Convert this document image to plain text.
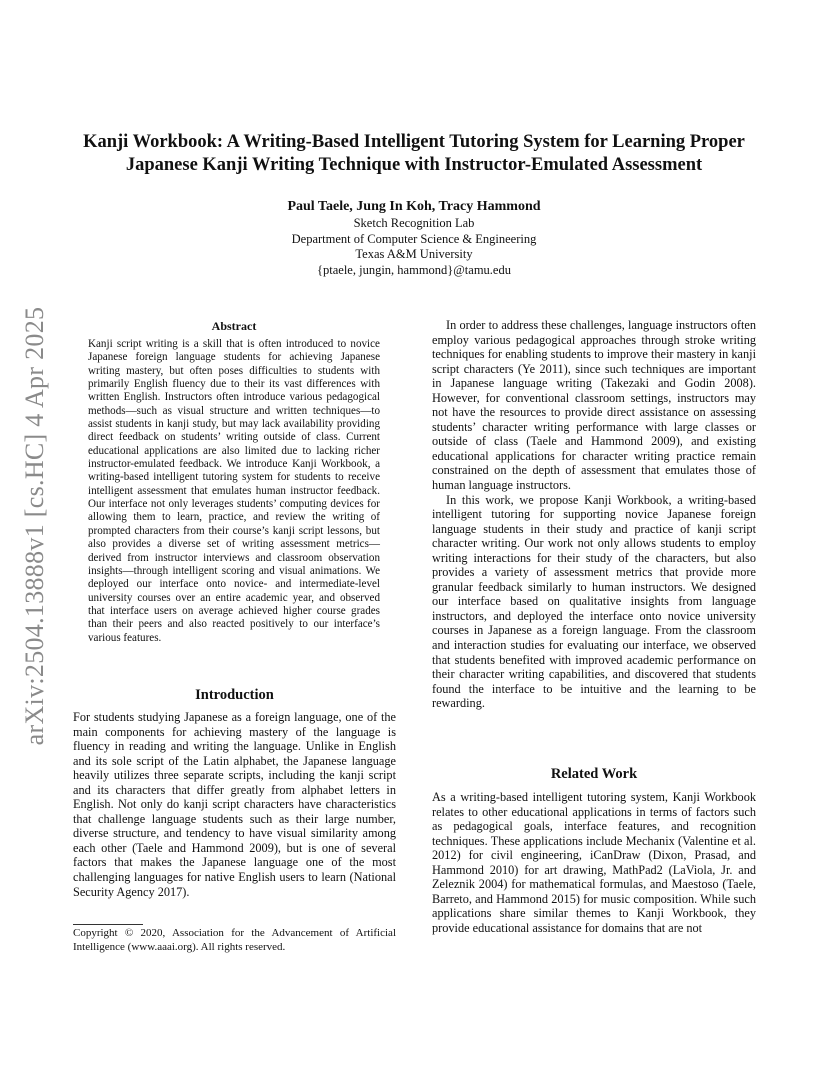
arXiv:2504.13888v1 [cs.HC] 4 Apr 2025
Kanji Workbook: A Writing-Based Intelligent Tutoring System for Learning Proper Japanese Kanji Writing Technique with Instructor-Emulated Assessment
Paul Taele, Jung In Koh, Tracy Hammond
Sketch Recognition Lab
Department of Computer Science & Engineering
Texas A&M University
{ptaele, jungin, hammond}@tamu.edu
Abstract

Kanji script writing is a skill that is often introduced to novice Japanese foreign language students for achieving Japanese writing mastery, but often poses difficulties to students with primarily English fluency due to their its vast differences with written English. Instructors often introduce various pedagogical methods—such as visual structure and written techniques—to assist students in kanji study, but may lack availability providing direct feedback on students’ writing outside of class. Current educational applications are also limited due to lacking richer instructor-emulated feedback. We introduce Kanji Workbook, a writing-based intelligent tutoring system for students to receive intelligent assessment that emulates human instructor feedback. Our interface not only leverages students’ computing devices for allowing them to learn, practice, and review the writing of prompted characters from their course’s kanji script lessons, but also provides a diverse set of writing assessment metrics—derived from instructor interviews and classroom observation insights—through intelligent scoring and visual animations. We deployed our interface onto novice- and intermediate-level university courses over an entire academic year, and observed that interface users on average achieved higher course grades than their peers and also reacted positively to our interface’s various features.

Introduction

For students studying Japanese as a foreign language, one of the main components for achieving mastery of the language is fluency in reading and writing the language. Unlike in English and its sole script of the Latin alphabet, the Japanese language heavily utilizes three separate scripts, including the kanji script and its characters that differ greatly from alphabet letters in English. Not only do kanji script characters have characteristics that challenge language students such as their large number, diverse structure, and tendency to have visual similarity among each other (Taele and Hammond 2009), but is one of several factors that makes the Japanese language one of the most challenging languages for native English users to learn (National Security Agency 2017).

Copyright © 2020, Association for the Advancement of Artificial Intelligence (www.aaai.org). All rights reserved.

In order to address these challenges, language instructors often employ various pedagogical approaches through stroke writing techniques for enabling students to improve their mastery in kanji script characters (Ye 2011), since such techniques are important in Japanese language writing (Takezaki and Godin 2008). However, for conventional classroom settings, instructors may not have the resources to provide direct assistance on assessing students’ character writing performance with large classes or outside of class (Taele and Hammond 2009), and existing educational applications for character writing practice remain constrained on the depth of assessment that emulates those of human language instructors.

In this work, we propose Kanji Workbook, a writing-based intelligent tutoring for supporting novice Japanese foreign language students in their study and practice of kanji script character writing. Our work not only allows students to employ writing interactions for their study of the characters, but also provides a variety of assessment metrics that provide more granular feedback similarly to human instructors. We designed our interface based on qualitative insights from language instructors, and deployed the interface onto novice university courses in Japanese as a foreign language. From the classroom and interaction studies for evaluating our interface, we observed that students benefited with improved academic performance on their character writing capabilities, and discovered that students found the interface to be intuitive and the learning to be rewarding.

Related Work

As a writing-based intelligent tutoring system, Kanji Workbook relates to other educational applications in terms of factors such as pedagogical goals, interface features, and recognition techniques. These applications include Mechanix (Valentine et al. 2012) for civil engineering, iCanDraw (Dixon, Prasad, and Hammond 2010) for art drawing, MathPad2 (LaViola, Jr. and Zeleznik 2004) for mathematical formulas, and Maestoso (Taele, Barreto, and Hammond 2015) for music composition. While such applications share similar themes to Kanji Workbook, they provide educational assistance for domains that are not
